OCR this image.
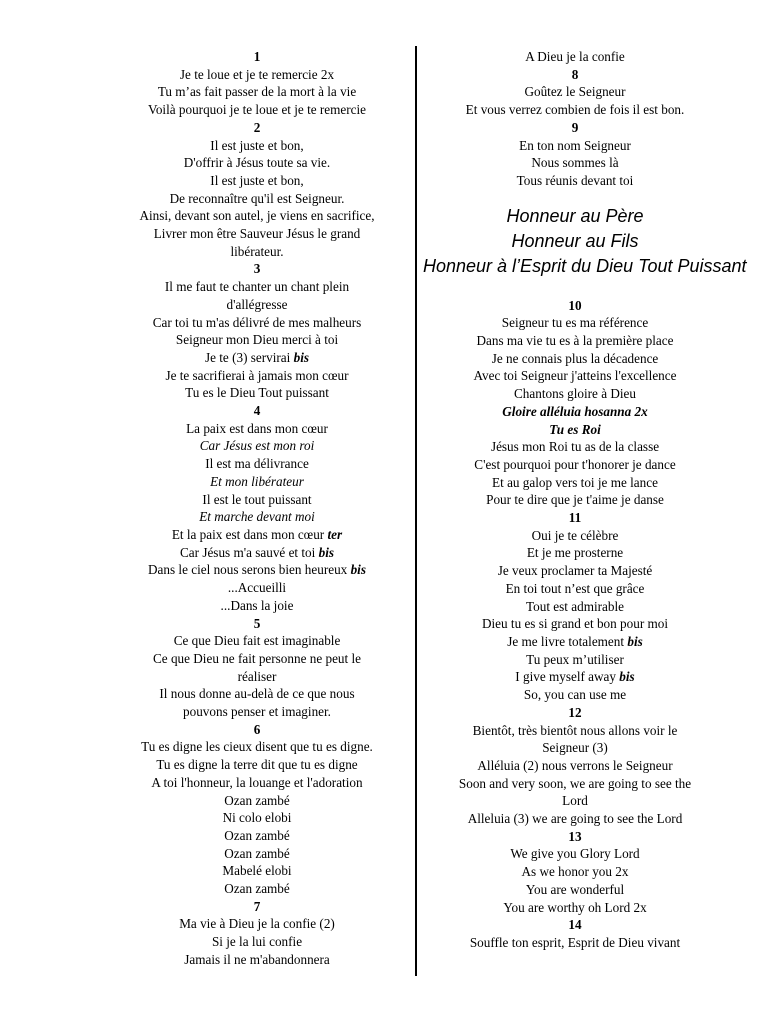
1
Je te loue et je te remercie 2x
Tu m’as fait passer de la mort à la vie
Voilà pourquoi je te loue et je te remercie
2
Il est juste et bon,
D'offrir à Jésus toute sa vie.
Il est juste et bon,
De reconnaître qu'il est Seigneur.
Ainsi, devant son autel, je viens en sacrifice,
Livrer mon être Sauveur Jésus le grand
libérateur.
3
Il me faut te chanter un chant plein
d'allégresse
Car toi tu m'as délivré de mes malheurs
Seigneur mon Dieu merci à toi
Je te (3) servirai bis
Je te sacrifierai à jamais mon cœur
Tu es le Dieu Tout puissant
4
La paix est dans mon cœur
Car Jésus est mon roi
Il est ma délivrance
Et mon libérateur
Il est le tout puissant
Et marche devant moi
Et la paix est dans mon cœur ter
Car Jésus m'a sauvé et toi bis
Dans le ciel nous serons bien heureux bis
...Accueilli
...Dans la joie
5
Ce que Dieu fait est imaginable
Ce que Dieu ne fait personne ne peut le
réaliser
Il nous donne au-delà de ce que nous
pouvons penser et imaginer.
6
Tu es digne les cieux disent que tu es digne.
Tu es digne la terre dit que tu es digne
A toi l'honneur, la louange et l'adoration
Ozan zambé
Ni colo elobi
Ozan zambé
Ozan zambé
Mabelé elobi
Ozan zambé
7
Ma vie à Dieu je la confie (2)
Si je la lui confie
Jamais il ne m'abandonnera
A Dieu je la confie
8
Goûtez le Seigneur
Et vous verrez combien de fois il est bon.
9
En ton nom Seigneur
Nous sommes là
Tous réunis devant toi
Honneur au Père
Honneur au Fils
Honneur à l’Esprit du Dieu Tout Puissant
10
Seigneur tu es ma référence
Dans ma vie tu es à la première place
Je ne connais plus la décadence
Avec toi Seigneur j'atteins l'excellence
Chantons gloire à Dieu
Gloire alléluia hosanna 2x
Tu es Roi
Jésus mon Roi tu as de la classe
C'est pourquoi pour t'honorer je dance
Et au galop vers toi je me lance
Pour te dire que je t'aime je danse
11
Oui je te célèbre
Et je me prosterne
Je veux proclamer ta Majesté
En toi tout n’est que grâce
Tout est admirable
Dieu tu es si grand et bon pour moi
Je me livre totalement bis
Tu peux m’utiliser
I give myself away bis
So, you can use me
12
Bientôt, très bientôt nous allons voir le
Seigneur (3)
Alléluia (2) nous verrons le Seigneur
Soon and very soon, we are going to see the
Lord
Alleluia (3) we are going to see the Lord
13
We give you Glory Lord
As we honor you 2x
You are wonderful
You are worthy oh Lord 2x
14
Souffle ton esprit, Esprit de Dieu vivant
